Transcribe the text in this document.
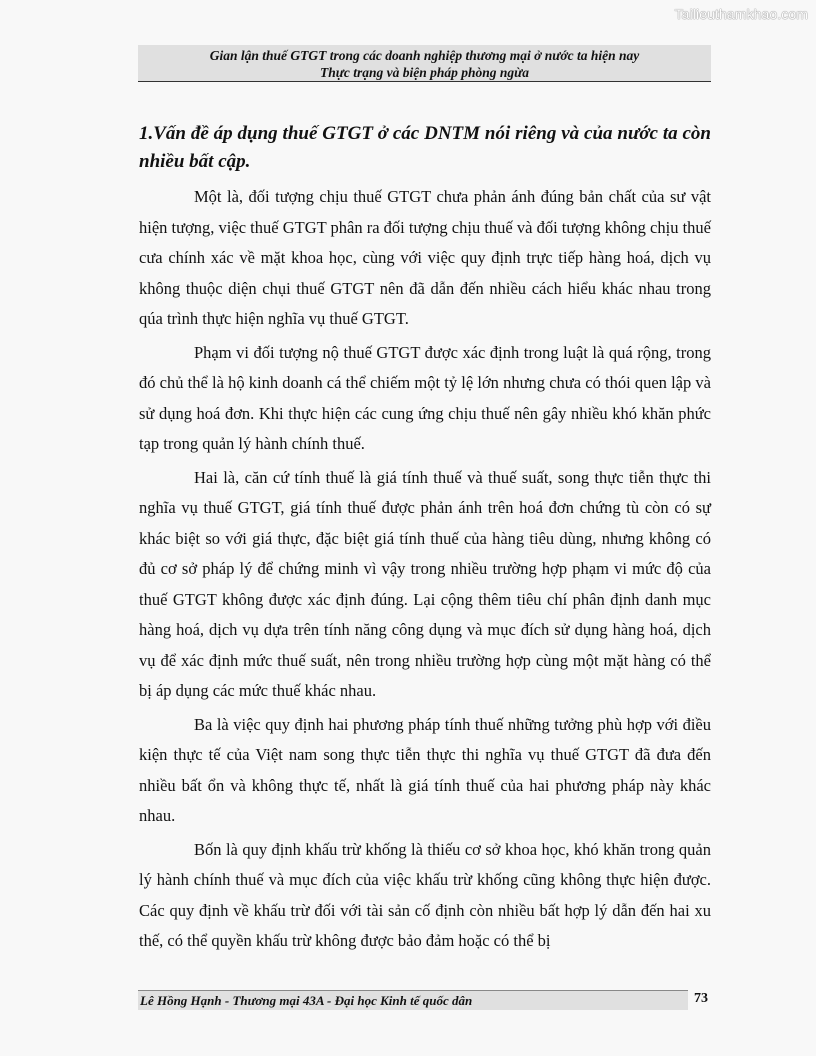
Tailieuthamkhao.com
Gian lận thuế GTGT trong các doanh nghiệp thương mại ở nước ta hiện nay
Thực trạng và biện pháp phòng ngừa

1.Vấn đề áp dụng thuế GTGT ở các DNTM nói riêng và của nước ta còn nhiều bất cập.

Một là, đối tượng chịu thuế GTGT chưa phản ánh đúng bản chất của sư vật hiện tượng, việc thuế GTGT phân ra đối tượng chịu thuế và đối tượng không chịu thuế cưa chính xác về mặt khoa học, cùng với việc quy định trực tiếp hàng hoá, dịch vụ không thuộc diện chụi thuế GTGT nên đã dẫn đến nhiều cách hiểu khác nhau trong qúa trình thực hiện nghĩa vụ thuế GTGT.

Phạm vi đối tượng nộ thuế GTGT được xác định trong luật là quá rộng, trong đó chủ thể là hộ kinh doanh cá thể chiếm một tỷ lệ lớn nhưng chưa có thói quen lập và sử dụng hoá đơn. Khi thực hiện các cung ứng chịu thuế nên gây nhiều khó khăn phức tạp trong quản lý hành chính thuế.

Hai là, căn cứ tính thuế là giá tính thuế và thuế suất, song thực tiễn thực thi nghĩa vụ thuế GTGT, giá tính thuế được phản ánh trên hoá đơn chứng tù còn có sự khác biệt so với giá thực, đặc biệt giá tính thuế của hàng tiêu dùng, nhưng không có đủ cơ sở pháp lý để chứng minh vì vậy trong nhiều trường hợp phạm vi mức độ của thuế GTGT không được xác định đúng. Lại cộng thêm tiêu chí phân định danh mục hàng hoá, dịch vụ dựa trên tính năng công dụng và mục đích sử dụng hàng hoá, dịch vụ để xác định mức thuế suất, nên trong nhiều trường hợp cùng một mặt hàng có thể bị áp dụng các mức thuế khác nhau.

Ba là việc quy định hai phương pháp tính thuế những tưởng phù hợp với điều kiện thực tế của Việt nam song thực tiễn thực thi nghĩa vụ thuế GTGT đã đưa đến nhiều bất ổn và không thực tế, nhất là giá tính thuế của hai phương pháp này khác nhau.

Bốn là quy định khấu trừ khống là thiếu cơ sở khoa học, khó khăn trong quản lý hành chính thuế và mục đích của việc khấu trừ khống cũng không thực hiện được. Các quy định về khấu trừ đối với tài sản cố định còn nhiều bất hợp lý dẫn đến hai xu thế, có thể quyền khấu trừ không được bảo đảm hoặc có thể bị

Lê Hồng Hạnh - Thương mại 43A - Đại học Kinh tế quốc dân	73
